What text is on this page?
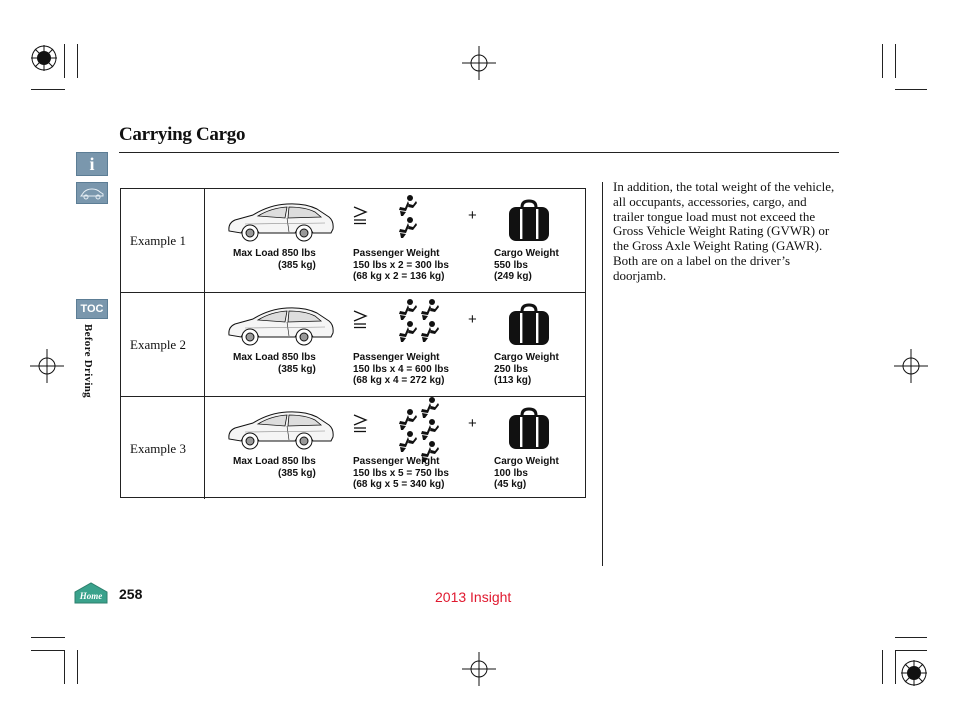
Carrying Cargo
i
TOC
Before Driving
Example 1
+
Max Load 850 lbs
(385 kg)
Passenger Weight
150 lbs x 2 = 300 lbs
(68 kg x 2 = 136 kg)
Cargo Weight
550 lbs
(249 kg)
Example 2
+
Max Load 850 lbs
(385 kg)
Passenger Weight
150 lbs x 4 = 600 lbs
(68 kg x 4 = 272 kg)
Cargo Weight
250 lbs
(113 kg)
Example 3
+
Max Load 850 lbs
(385 kg)
Passenger Weight
150 lbs x 5 = 750 lbs
(68 kg x 5 = 340 kg)
Cargo Weight
100 lbs
(45 kg)
In addition, the total weight of the vehicle, all occupants, accessories, cargo, and trailer tongue load must not exceed the Gross Vehicle Weight Rating (GVWR) or the Gross Axle Weight Rating (GAWR). Both are on a label on the driver’s doorjamb.
Home 258	2013 Insight
